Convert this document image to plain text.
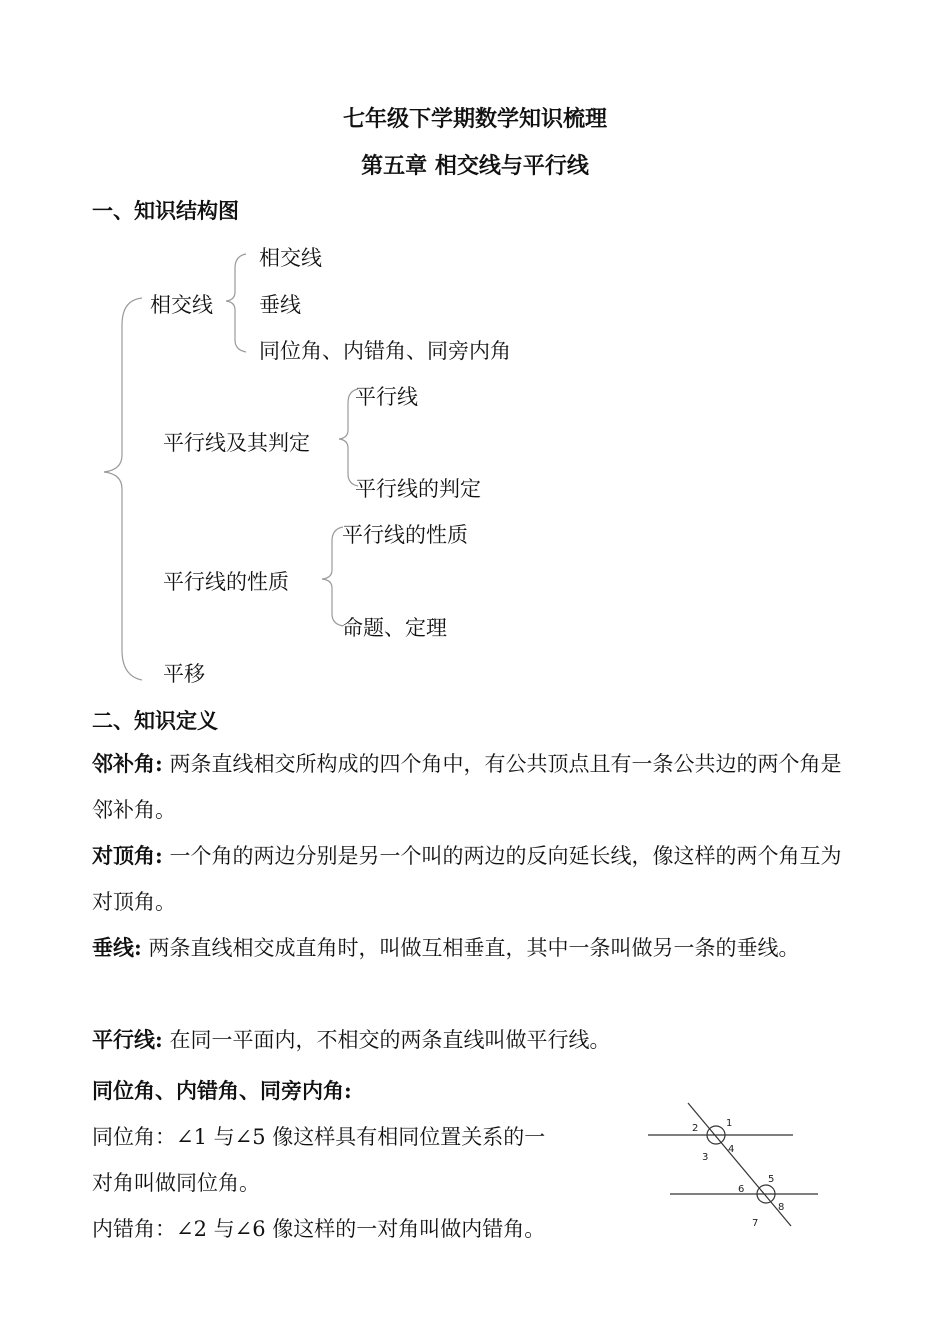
七年级下学期数学知识梳理
第五章 相交线与平行线
一、知识结构图
相交线
相交线
垂线
同位角、内错角、同旁内角
平行线及其判定
平行线
平行线的判定
平行线的性质
平行线的性质
命题、定理
平移
二、知识定义
邻补角: 两条直线相交所构成的四个角中，有公共顶点且有一条公共边的两个角是邻补角。
对顶角: 一个角的两边分别是另一个叫的两边的反向延长线，像这样的两个角互为对顶角。
垂线: 两条直线相交成直角时，叫做互相垂直，其中一条叫做另一条的垂线。
平行线: 在同一平面内，不相交的两条直线叫做平行线。
同位角、内错角、同旁内角:
同位角：∠1 与∠5 像这样具有相同位置关系的一
对角叫做同位角。
内错角：∠2 与∠6 像这样的一对角叫做内错角。
1
2
3
4
5
6
7
8
